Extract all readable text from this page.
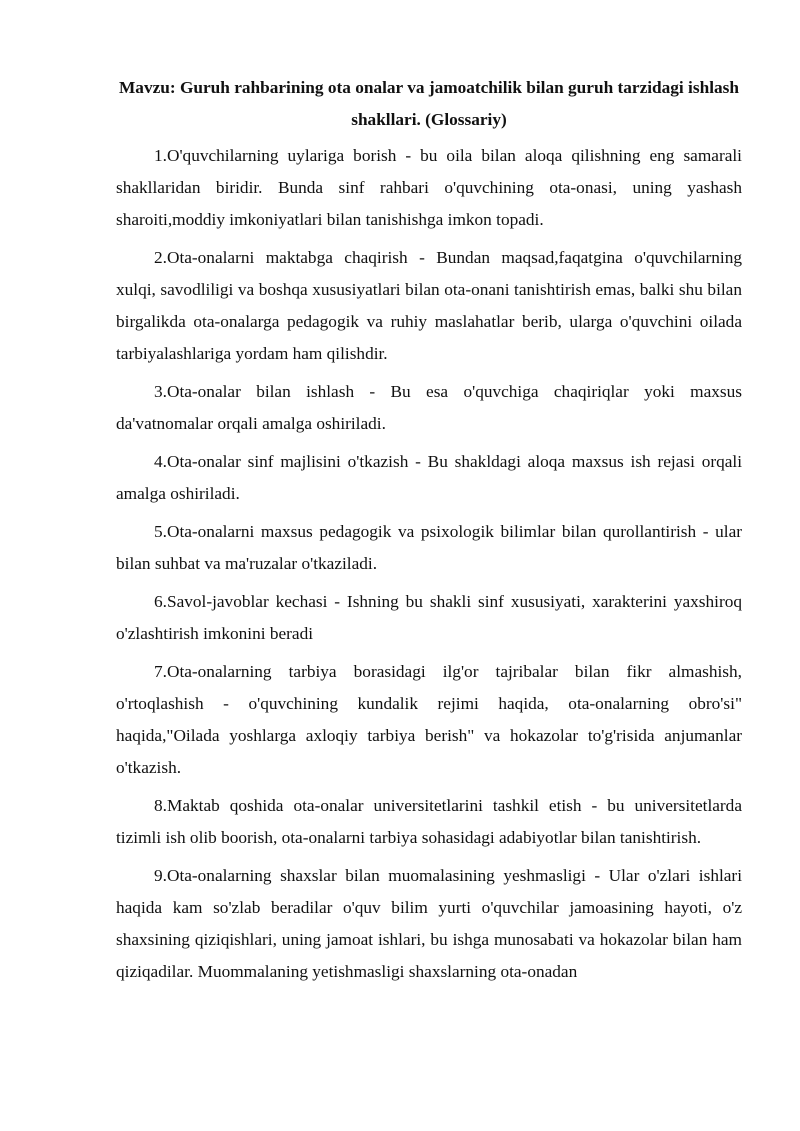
Mavzu: Guruh rahbarining ota onalar va jamoatchilik bilan guruh tarzidagi ishlash shakllari. (Glossariy)

1.O'quvchilarning uylariga borish - bu oila bilan aloqa qilishning eng samarali shakllaridan biridir. Bunda sinf rahbari o'quvchining ota-onasi, uning yashash sharoiti,moddiy imkoniyatlari bilan tanishishga imkon topadi.

2.Ota-onalarni maktabga chaqirish - Bundan maqsad,faqatgina o'quvchilarning xulqi, savodliligi va boshqa xususiyatlari bilan ota-onani tanishtirish emas, balki shu bilan birgalikda ota-onalarga pedagogik va ruhiy maslahatlar berib, ularga o'quvchini oilada tarbiyalashlariga yordam ham qilishdir.

3.Ota-onalar bilan ishlash - Bu esa o'quvchiga chaqiriqlar yoki maxsus da'vatnomalar orqali amalga oshiriladi.

4.Ota-onalar sinf majlisini o'tkazish - Bu shakldagi aloqa maxsus ish rejasi orqali amalga oshiriladi.

5.Ota-onalarni maxsus pedagogik va psixologik bilimlar bilan qurollantirish - ular bilan suhbat va ma'ruzalar o'tkaziladi.

6.Savol-javoblar kechasi - Ishning bu shakli sinf xususiyati, xarakterini yaxshiroq o'zlashtirish imkonini beradi

7.Ota-onalarning tarbiya borasidagi ilg'or tajribalar bilan fikr almashish, o'rtoqlashish - o'quvchining kundalik rejimi haqida, ota-onalarning obro'si" haqida,"Oilada yoshlarga axloqiy tarbiya berish" va hokazolar to'g'risida anjumanlar o'tkazish.

8.Maktab qoshida ota-onalar universitetlarini tashkil etish - bu universitetlarda tizimli ish olib boorish, ota-onalarni tarbiya sohasidagi adabiyotlar bilan tanishtirish.

9.Ota-onalarning shaxslar bilan muomalasining yeshmasligi - Ular o'zlari ishlari haqida kam so'zlab beradilar o'quv bilim yurti o'quvchilar jamoasining hayoti, o'z shaxsining qiziqishlari, uning jamoat ishlari, bu ishga munosabati va hokazolar bilan ham qiziqadilar. Muommalaning yetishmasligi shaxslarning ota-onadan
